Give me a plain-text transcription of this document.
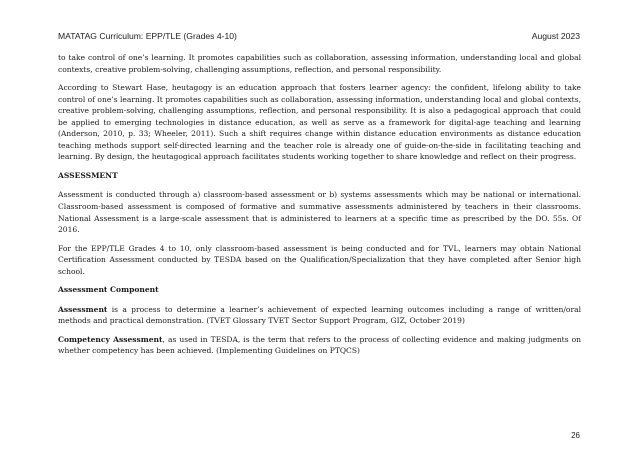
MATATAG Curriculum: EPP/TLE (Grades 4-10)	August 2023

to take control of one’s learning. It promotes capabilities such as collaboration, assessing information, understanding local and global contexts, creative problem-solving, challenging assumptions, reflection, and personal responsibility.

According to Stewart Hase, heutagogy is an education approach that fosters learner agency: the confident, lifelong ability to take control of one’s learning. It promotes capabilities such as collaboration, assessing information, understanding local and global contexts, creative problem-solving, challenging assumptions, reflection, and personal responsibility. It is also a pedagogical approach that could be applied to emerging technologies in distance education, as well as serve as a framework for digital-age teaching and learning (Anderson, 2010, p. 33; Wheeler, 2011). Such a shift requires change within distance education environments as distance education teaching methods support self-directed learning and the teacher role is already one of guide-on-the-side in facilitating teaching and learning. By design, the heutagogical approach facilitates students working together to share knowledge and reflect on their progress.

ASSESSMENT

Assessment is conducted through a) classroom-based assessment or b) systems assessments which may be national or international. Classroom-based assessment is composed of formative and summative assessments administered by teachers in their classrooms. National Assessment is a large-scale assessment that is administered to learners at a specific time as prescribed by the DO. 55s. Of 2016.

For the EPP/TLE Grades 4 to 10, only classroom-based assessment is being conducted and for TVL, learners may obtain National Certification Assessment conducted by TESDA based on the Qualification/Specialization that they have completed after Senior high school.

Assessment Component

Assessment is a process to determine a learner’s achievement of expected learning outcomes including a range of written/oral methods and practical demonstration. (TVET Glossary TVET Sector Support Program, GIZ, October 2019)

Competency Assessment, as used in TESDA, is the term that refers to the process of collecting evidence and making judgments on whether competency has been achieved. (Implementing Guidelines on PTQCS)

26
